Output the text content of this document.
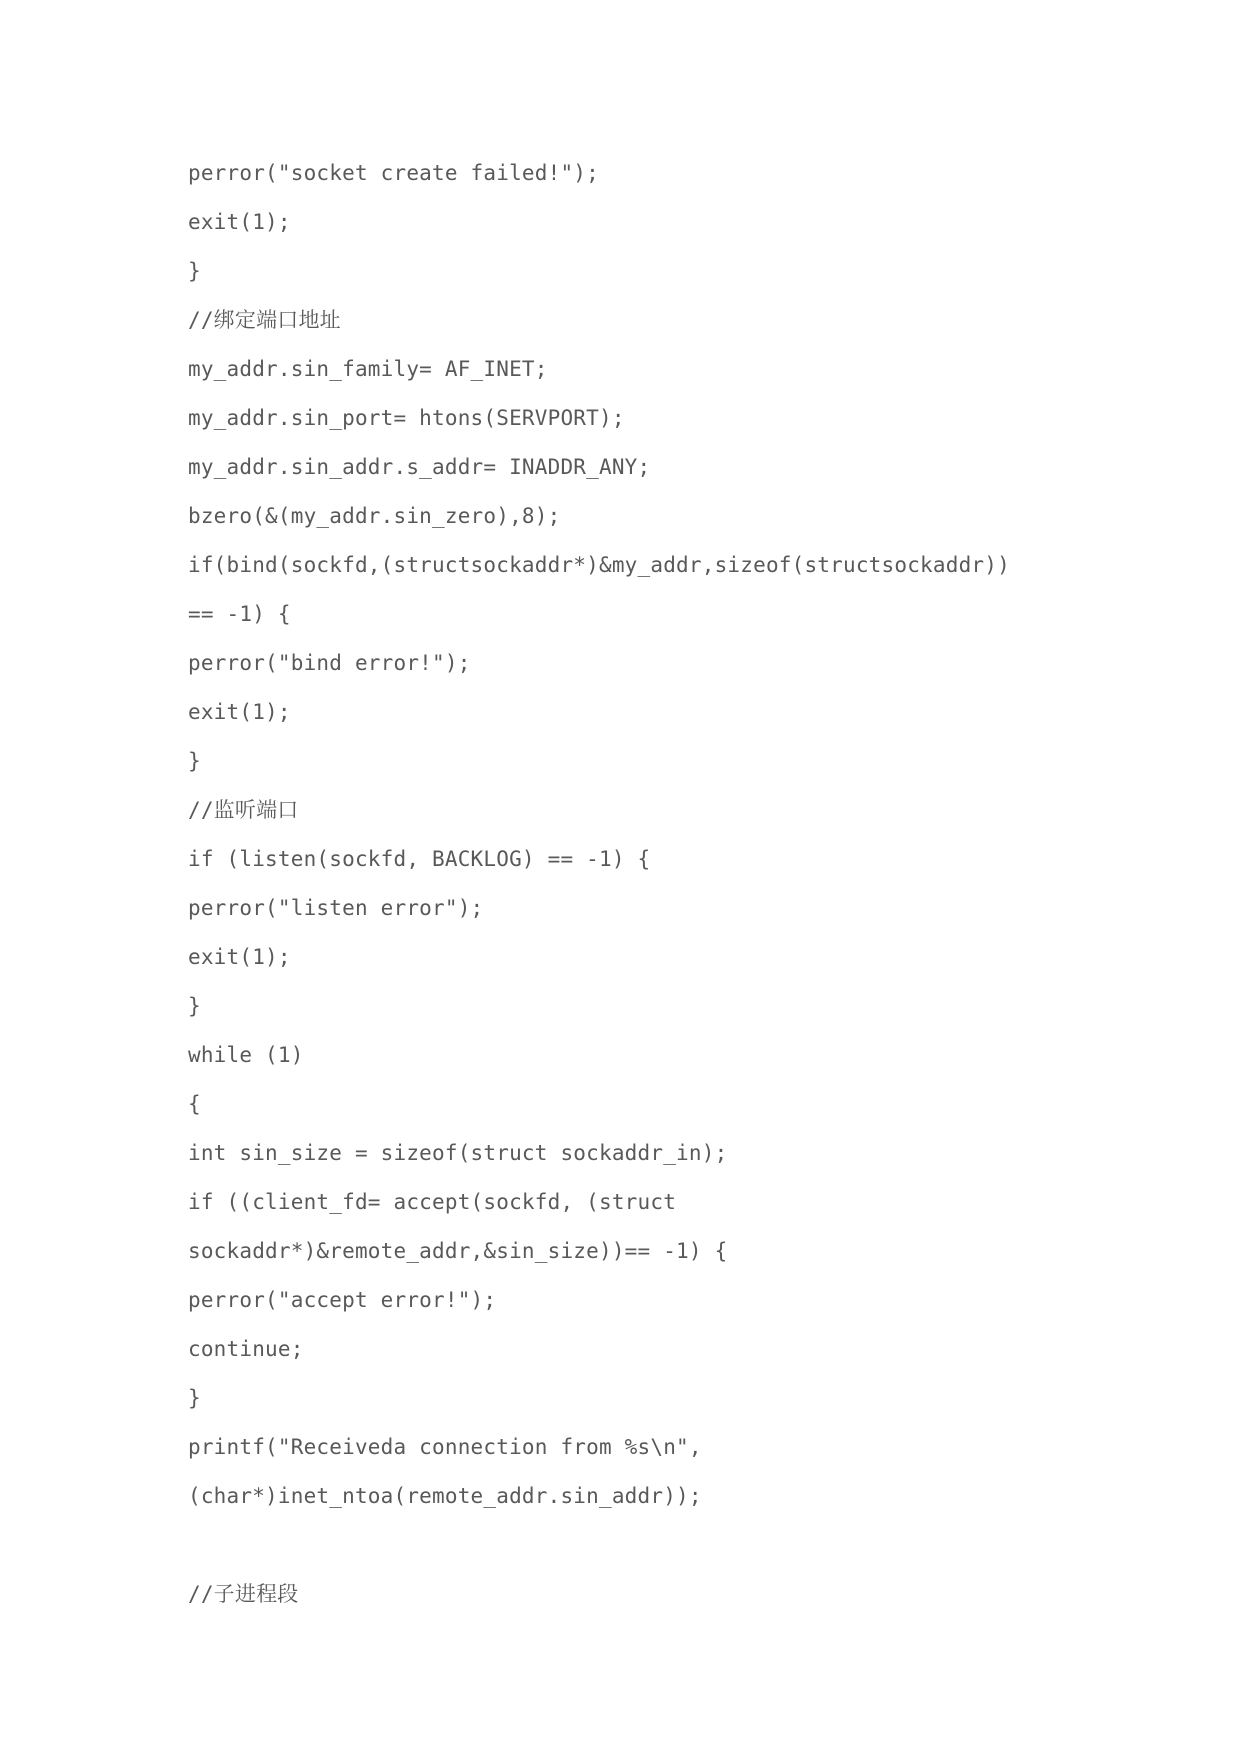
perror("socket create failed!");
exit(1);
}
//绑定端口地址
my_addr.sin_family= AF_INET;
my_addr.sin_port= htons(SERVPORT);
my_addr.sin_addr.s_addr= INADDR_ANY;
bzero(&(my_addr.sin_zero),8);
if(bind(sockfd,(structsockaddr*)&my_addr,sizeof(structsockaddr))
== -1) {
perror("bind error!");
exit(1);
}
//监听端口
if (listen(sockfd, BACKLOG) == -1) {
perror("listen error");
exit(1);
}
while (1)
{
int sin_size = sizeof(struct sockaddr_in);
if ((client_fd= accept(sockfd, (struct
sockaddr*)&remote_addr,&sin_size))== -1) {
perror("accept error!");
continue;
}
printf("Receiveda connection from %s\n",
(char*)inet_ntoa(remote_addr.sin_addr));
//子进程段
